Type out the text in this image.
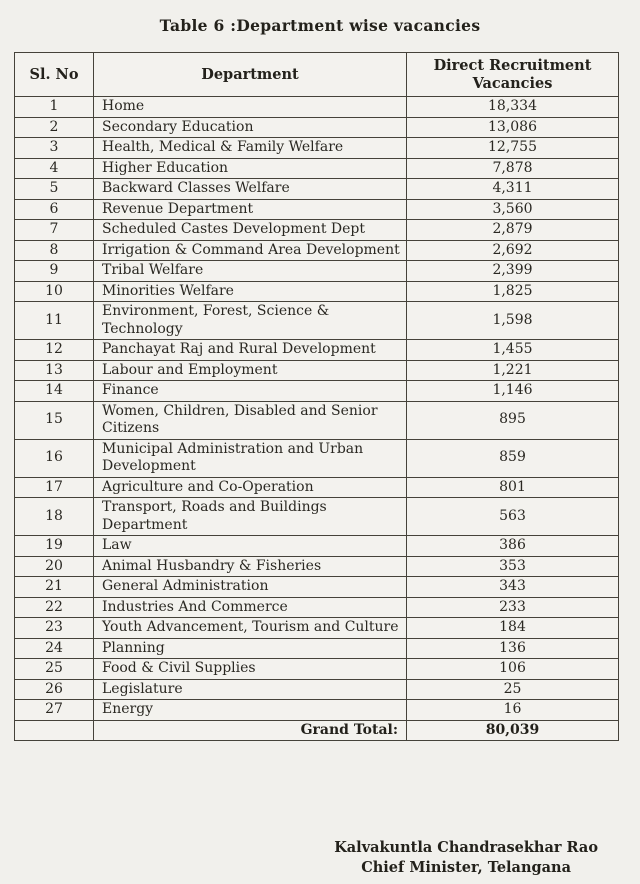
Table 6 :Department wise vacancies
Sl. No	Department	Direct Recruitment Vacancies
1	Home	18,334
2	Secondary Education	13,086
3	Health, Medical & Family Welfare	12,755
4	Higher Education	7,878
5	Backward Classes Welfare	4,311
6	Revenue Department	3,560
7	Scheduled Castes Development Dept	2,879
8	Irrigation & Command Area Development	2,692
9	Tribal Welfare	2,399
10	Minorities Welfare	1,825
11	Environment, Forest, Science & Technology	1,598
12	Panchayat Raj and Rural Development	1,455
13	Labour and Employment	1,221
14	Finance	1,146
15	Women, Children, Disabled and Senior Citizens	895
16	Municipal Administration and Urban Development	859
17	Agriculture and Co-Operation	801
18	Transport, Roads and Buildings Department	563
19	Law	386
20	Animal Husbandry & Fisheries	353
21	General Administration	343
22	Industries And Commerce	233
23	Youth Advancement, Tourism and Culture	184
24	Planning	136
25	Food & Civil Supplies	106
26	Legislature	25
27	Energy	16
	Grand Total:	80,039
Kalvakuntla Chandrasekhar Rao
Chief Minister, Telangana
